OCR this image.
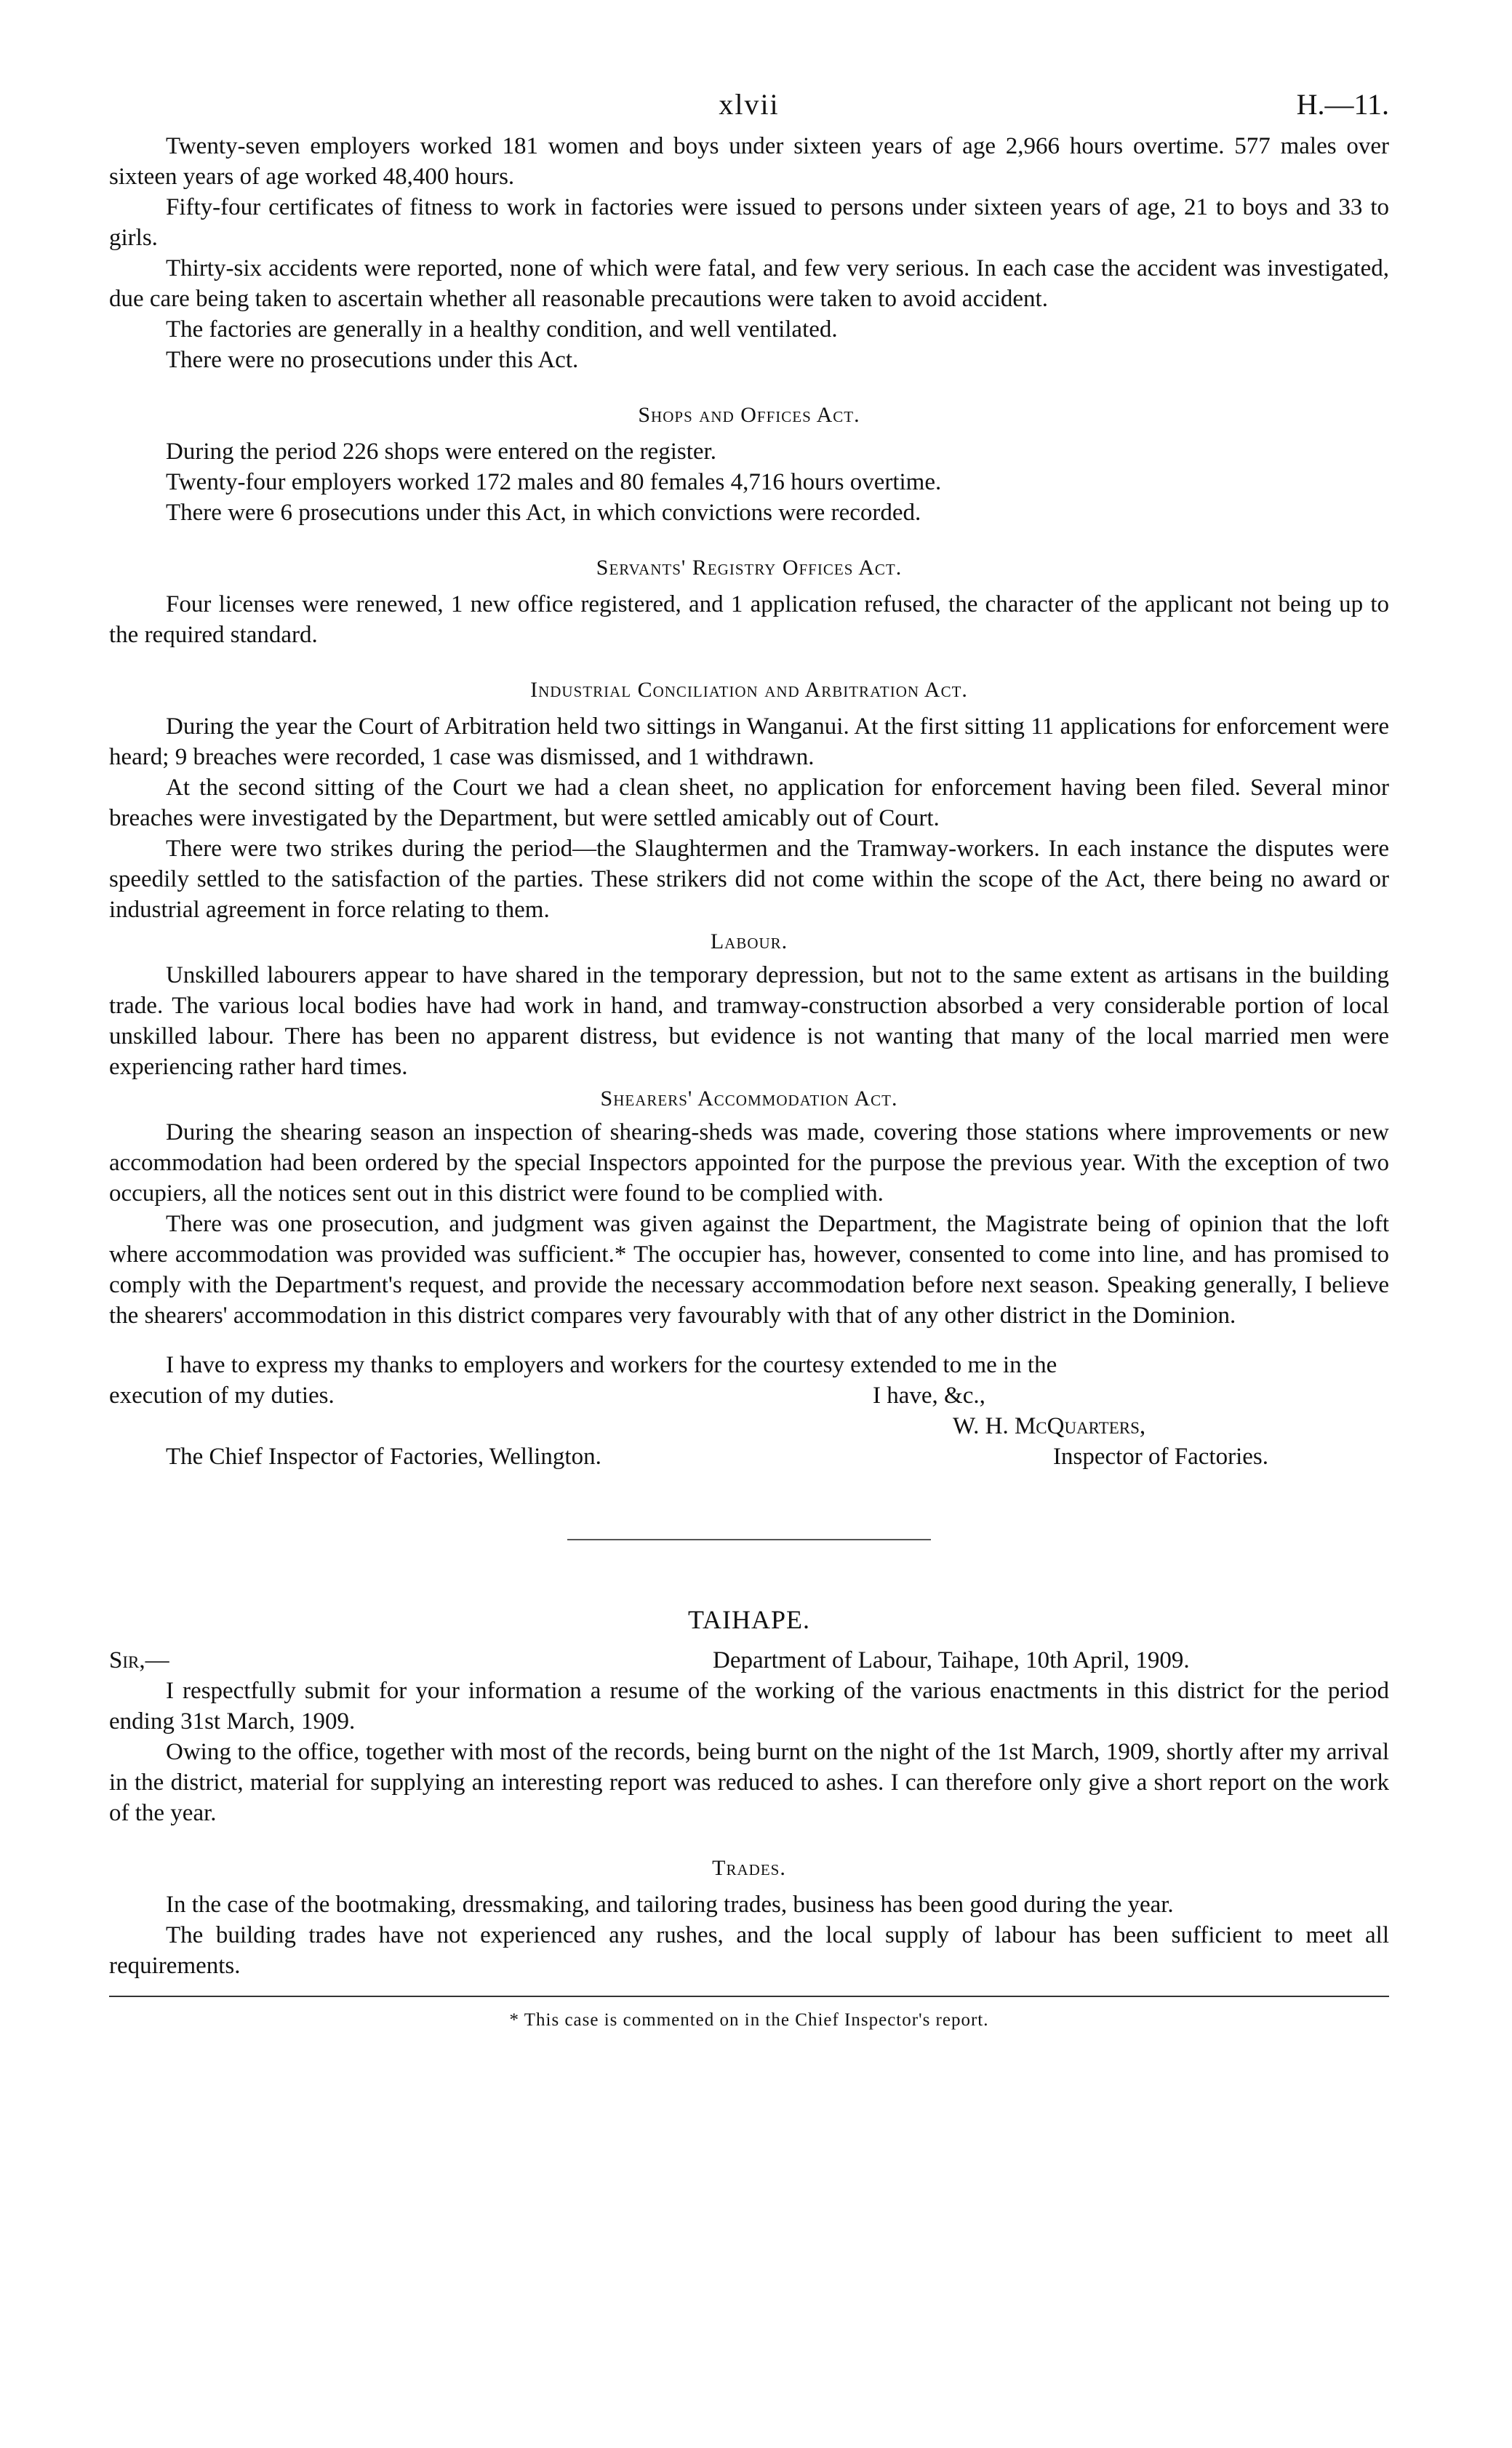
xlvii	H.—11.

Twenty-seven employers worked 181 women and boys under sixteen years of age 2,966 hours overtime. 577 males over sixteen years of age worked 48,400 hours.

Fifty-four certificates of fitness to work in factories were issued to persons under sixteen years of age, 21 to boys and 33 to girls.

Thirty-six accidents were reported, none of which were fatal, and few very serious. In each case the accident was investigated, due care being taken to ascertain whether all reasonable precautions were taken to avoid accident.

The factories are generally in a healthy condition, and well ventilated.

There were no prosecutions under this Act.

Shops and Offices Act.

During the period 226 shops were entered on the register.

Twenty-four employers worked 172 males and 80 females 4,716 hours overtime.

There were 6 prosecutions under this Act, in which convictions were recorded.

Servants' Registry Offices Act.

Four licenses were renewed, 1 new office registered, and 1 application refused, the character of the applicant not being up to the required standard.

Industrial Conciliation and Arbitration Act.

During the year the Court of Arbitration held two sittings in Wanganui. At the first sitting 11 applications for enforcement were heard; 9 breaches were recorded, 1 case was dismissed, and 1 withdrawn.

At the second sitting of the Court we had a clean sheet, no application for enforcement having been filed. Several minor breaches were investigated by the Department, but were settled amicably out of Court.

There were two strikes during the period—the Slaughtermen and the Tramway-workers. In each instance the disputes were speedily settled to the satisfaction of the parties. These strikers did not come within the scope of the Act, there being no award or industrial agreement in force relating to them.

Labour.

Unskilled labourers appear to have shared in the temporary depression, but not to the same extent as artisans in the building trade. The various local bodies have had work in hand, and tramway-construction absorbed a very considerable portion of local unskilled labour. There has been no apparent distress, but evidence is not wanting that many of the local married men were experiencing rather hard times.

Shearers' Accommodation Act.

During the shearing season an inspection of shearing-sheds was made, covering those stations where improvements or new accommodation had been ordered by the special Inspectors appointed for the purpose the previous year. With the exception of two occupiers, all the notices sent out in this district were found to be complied with.

There was one prosecution, and judgment was given against the Department, the Magistrate being of opinion that the loft where accommodation was provided was sufficient.* The occupier has, however, consented to come into line, and has promised to comply with the Department's request, and provide the necessary accommodation before next season. Speaking generally, I believe the shearers' accommodation in this district compares very favourably with that of any other district in the Dominion.

I have to express my thanks to employers and workers for the courtesy extended to me in the

execution of my duties.	I have, &c.,
W. H. McQuarters,
The Chief Inspector of Factories, Wellington.	Inspector of Factories.
TAIHAPE.
Sir,—	Department of Labour, Taihape, 10th April, 1909.

I respectfully submit for your information a resume of the working of the various enactments in this district for the period ending 31st March, 1909.

Owing to the office, together with most of the records, being burnt on the night of the 1st March, 1909, shortly after my arrival in the district, material for supplying an interesting report was reduced to ashes. I can therefore only give a short report on the work of the year.

Trades.

In the case of the bootmaking, dressmaking, and tailoring trades, business has been good during the year.

The building trades have not experienced any rushes, and the local supply of labour has been sufficient to meet all requirements.

* This case is commented on in the Chief Inspector's report.
